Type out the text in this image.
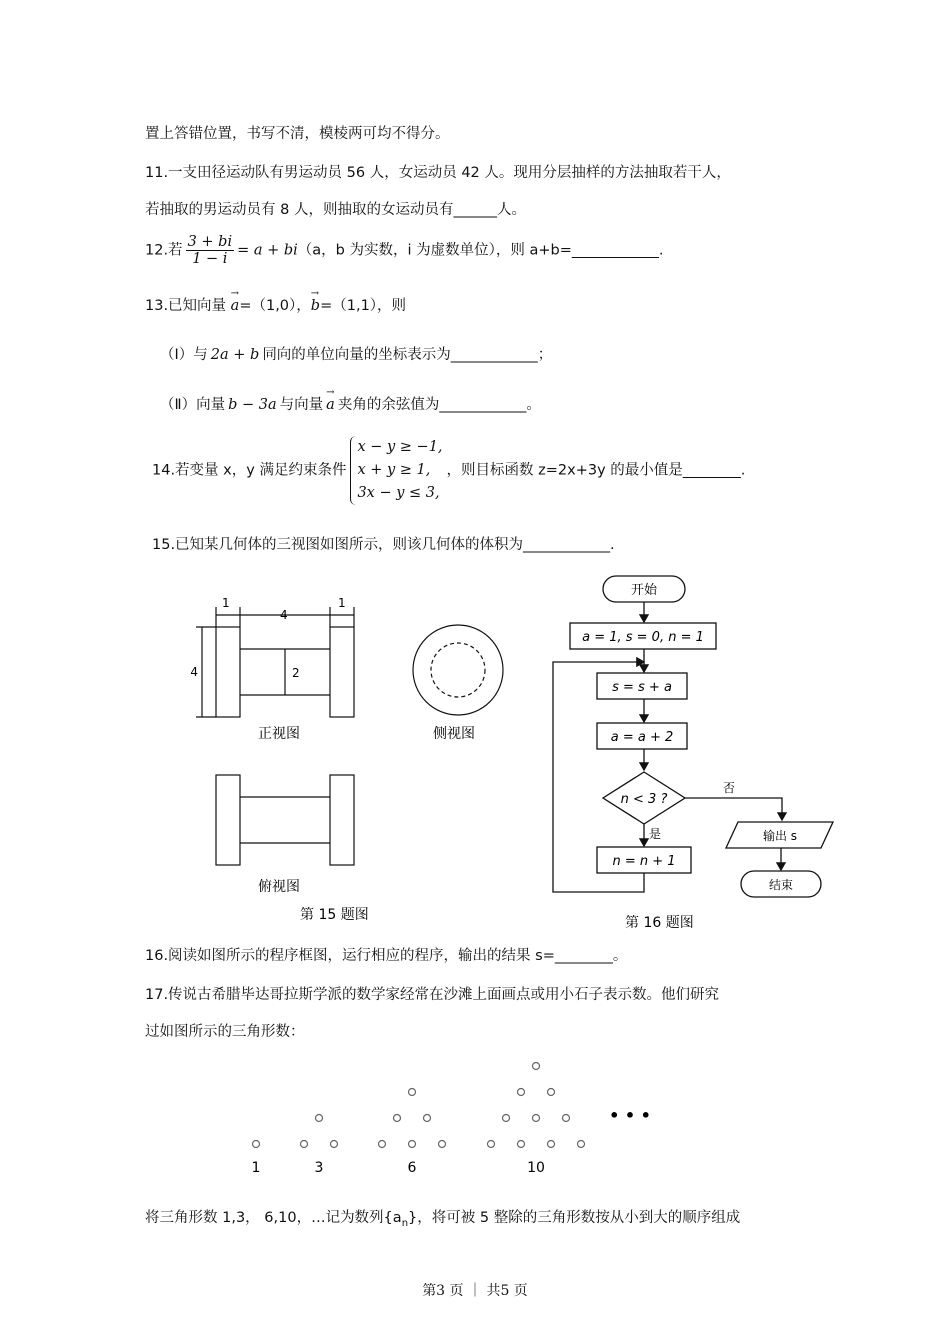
置上答错位置，书写不清，模棱两可均不得分。
11.一支田径运动队有男运动员 56 人，女运动员 42 人。现用分层抽样的方法抽取若干人，
若抽取的男运动员有 8 人，则抽取的女运动员有______人。
12.若 $\frac{3 + bi}{1 - i} = a + bi(a$，b 为实数，i 为虚数单位），则 a+b=____________.
13.已知向量 → a=（1,0），→ b=（1,1），则
（Ⅰ）与 2a + b 同向的单位向量的坐标表示为____________；
（Ⅱ）向量 b − 3a 与向量 → a 夹角的余弦值为____________。
14.若变量 x，y 满足约束条件
x − y ≥ −1,
x + y ≥ 1,
3x − y ≤ 3,
，则目标函数 z=2x+3y 的最小值是________.
15.已知某几何体的三视图如图所示，则该几何体的体积为____________.
1
4
1
4	2
正视图	侧视图
俯视图
第 15 题图
开始
a = 1, s = 0, n = 1
s = s + a
a = a + 2
n < 3 ?
否
是
n = n + 1
输出 s
结束
第 16 题图
16.阅读如图所示的程序框图，运行相应的程序，输出的结果 s=________。
17.传说古希腊毕达哥拉斯学派的数学家经常在沙滩上面画点或用小石子表示数。他们研究
过如图所示的三角形数：
1	3	6	10
• • •
将三角形数 1,3， 6,10，…记为数列$\{a_n\}$，将可被 5 整除的三角形数按从小到大的顺序组成
第3 页 ｜ 共5 页
